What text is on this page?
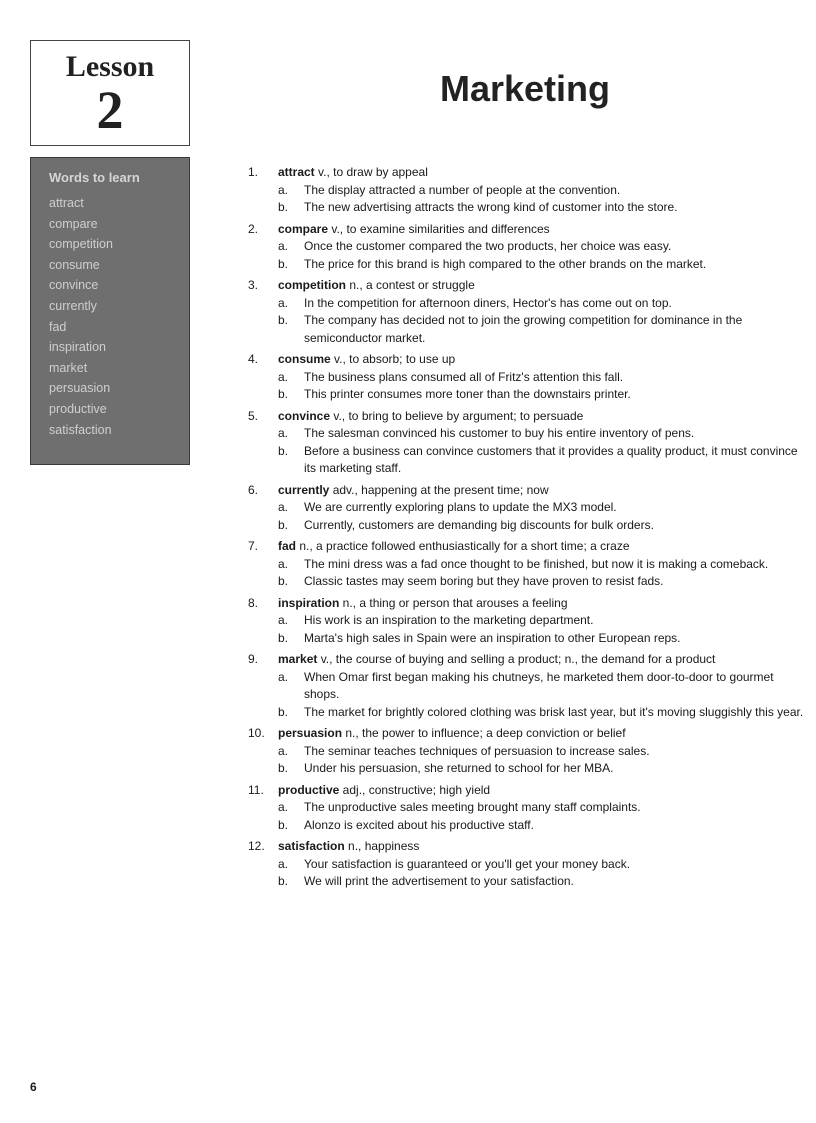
Lesson
2	Marketing
Words to learn
attract
compare
competition
consume
convince
currently
fad
inspiration
market
persuasion
productive
satisfaction
1.	attract v., to draw by appeal
a.	The display attracted a number of people at the convention.
b.	The new advertising attracts the wrong kind of customer into the store.
2.	compare v., to examine similarities and differences
a.	Once the customer compared the two products, her choice was easy.
b.	The price for this brand is high compared to the other brands on the market.
3.	competition n., a contest or struggle
a.	In the competition for afternoon diners, Hector's has come out on top.
b.	The company has decided not to join the growing competition for dominance in the semiconductor market.
4.	consume v., to absorb; to use up
a.	The business plans consumed all of Fritz's attention this fall.
b.	This printer consumes more toner than the downstairs printer.
5.	convince v., to bring to believe by argument; to persuade
a.	The salesman convinced his customer to buy his entire inventory of pens.
b.	Before a business can convince customers that it provides a quality product, it must convince its marketing staff.
6.	currently adv., happening at the present time; now
a.	We are currently exploring plans to update the MX3 model.
b.	Currently, customers are demanding big discounts for bulk orders.
7.	fad n., a practice followed enthusiastically for a short time; a craze
a.	The mini dress was a fad once thought to be finished, but now it is making a comeback.
b.	Classic tastes may seem boring but they have proven to resist fads.
8.	inspiration n., a thing or person that arouses a feeling
a.	His work is an inspiration to the marketing department.
b.	Marta's high sales in Spain were an inspiration to other European reps.
9.	market v., the course of buying and selling a product; n., the demand for a product
a.	When Omar first began making his chutneys, he marketed them door-to-door to gourmet shops.
b.	The market for brightly colored clothing was brisk last year, but it's moving sluggishly this year.
10.	persuasion n., the power to influence; a deep conviction or belief
a.	The seminar teaches techniques of persuasion to increase sales.
b.	Under his persuasion, she returned to school for her MBA.
11.	productive adj., constructive; high yield
a.	The unproductive sales meeting brought many staff complaints.
b.	Alonzo is excited about his productive staff.
12.	satisfaction n., happiness
a.	Your satisfaction is guaranteed or you'll get your money back.
b.	We will print the advertisement to your satisfaction.
6
